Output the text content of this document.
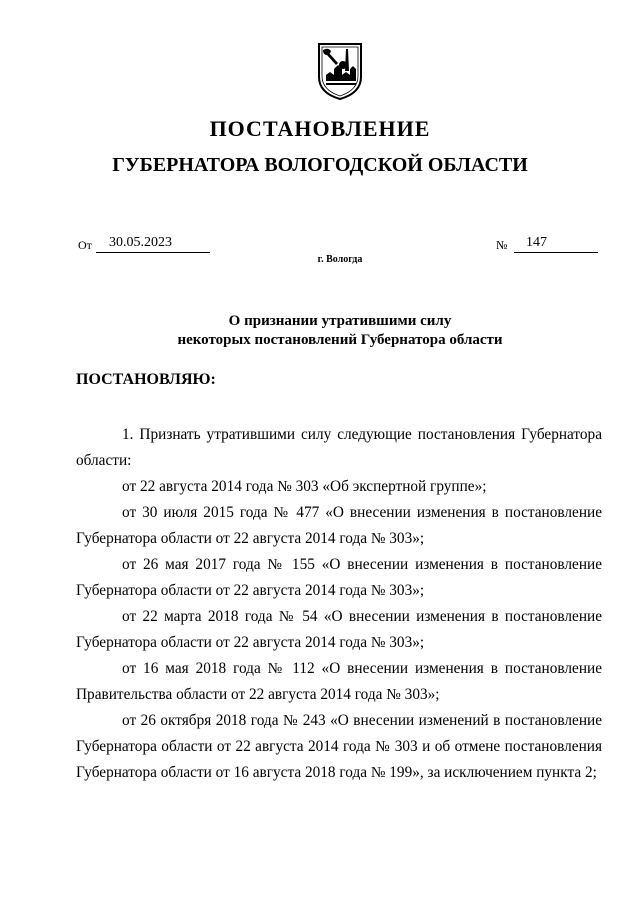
ПОСТАНОВЛЕНИЕ
ГУБЕРНАТОРА ВОЛОГОДСКОЙ ОБЛАСТИ
От	30.05.2023	№	147
г. Вологда
О признании утратившими силу
некоторых постановлений Губернатора области
ПОСТАНОВЛЯЮ:
1. Признать утратившими силу следующие постановления Губернатора
области:
от 22 августа 2014 года № 303 «Об экспертной группе»;
от 30 июля 2015 года № 477 «О внесении изменения в постановление
Губернатора области от 22 августа 2014 года № 303»;
от 26 мая 2017 года № 155 «О внесении изменения в постановление
Губернатора области от 22 августа 2014 года № 303»;
от 22 марта 2018 года № 54 «О внесении изменения в постановление
Губернатора области от 22 августа 2014 года № 303»;
от 16 мая 2018 года № 112 «О внесении изменения в постановление
Правительства области от 22 августа 2014 года № 303»;
от 26 октября 2018 года № 243 «О внесении изменений в постановление
Губернатора области от 22 августа 2014 года № 303 и об отмене постановления
Губернатора области от 16 августа 2018 года № 199», за исключением пункта 2;
